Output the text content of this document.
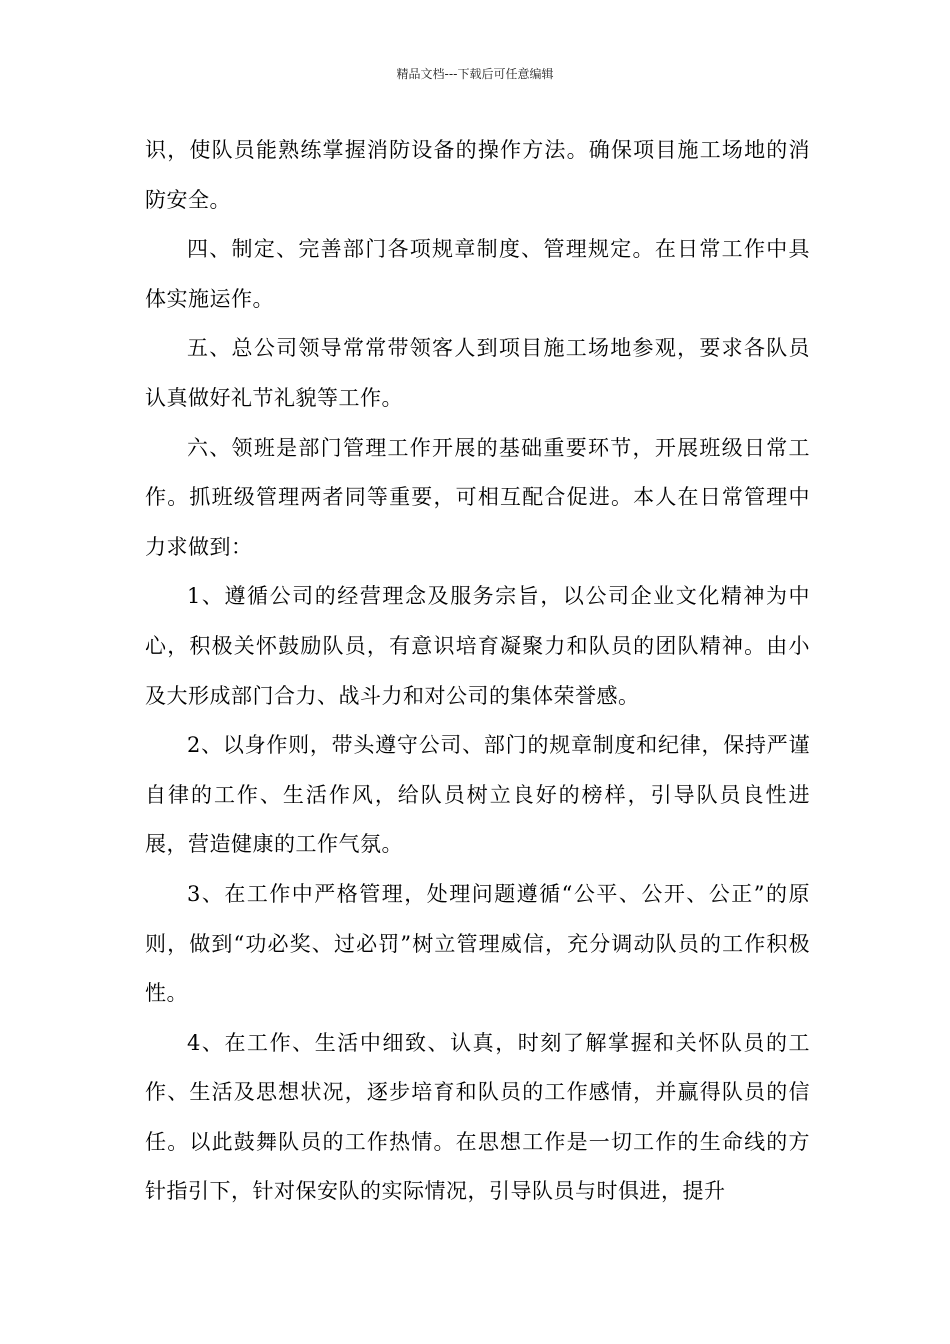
精品文档---下载后可任意编辑

识，使队员能熟练掌握消防设备的操作方法。确保项目施工场地的消防安全。

四、制定、完善部门各项规章制度、管理规定。在日常工作中具体实施运作。

五、总公司领导常常带领客人到项目施工场地参观，要求各队员认真做好礼节礼貌等工作。

六、领班是部门管理工作开展的基础重要环节，开展班级日常工作。抓班级管理两者同等重要，可相互配合促进。本人在日常管理中力求做到：

1、遵循公司的经营理念及服务宗旨，以公司企业文化精神为中心，积极关怀鼓励队员，有意识培育凝聚力和队员的团队精神。由小及大形成部门合力、战斗力和对公司的集体荣誉感。

2、以身作则，带头遵守公司、部门的规章制度和纪律，保持严谨自律的工作、生活作风，给队员树立良好的榜样，引导队员良性进展，营造健康的工作气氛。

3、在工作中严格管理，处理问题遵循“公平、公开、公正”的原则，做到“功必奖、过必罚”树立管理威信，充分调动队员的工作积极性。

4、在工作、生活中细致、认真，时刻了解掌握和关怀队员的工作、生活及思想状况，逐步培育和队员的工作感情，并赢得队员的信任。以此鼓舞队员的工作热情。在思想工作是一切工作的生命线的方针指引下，针对保安队的实际情况，引导队员与时俱进，提升
